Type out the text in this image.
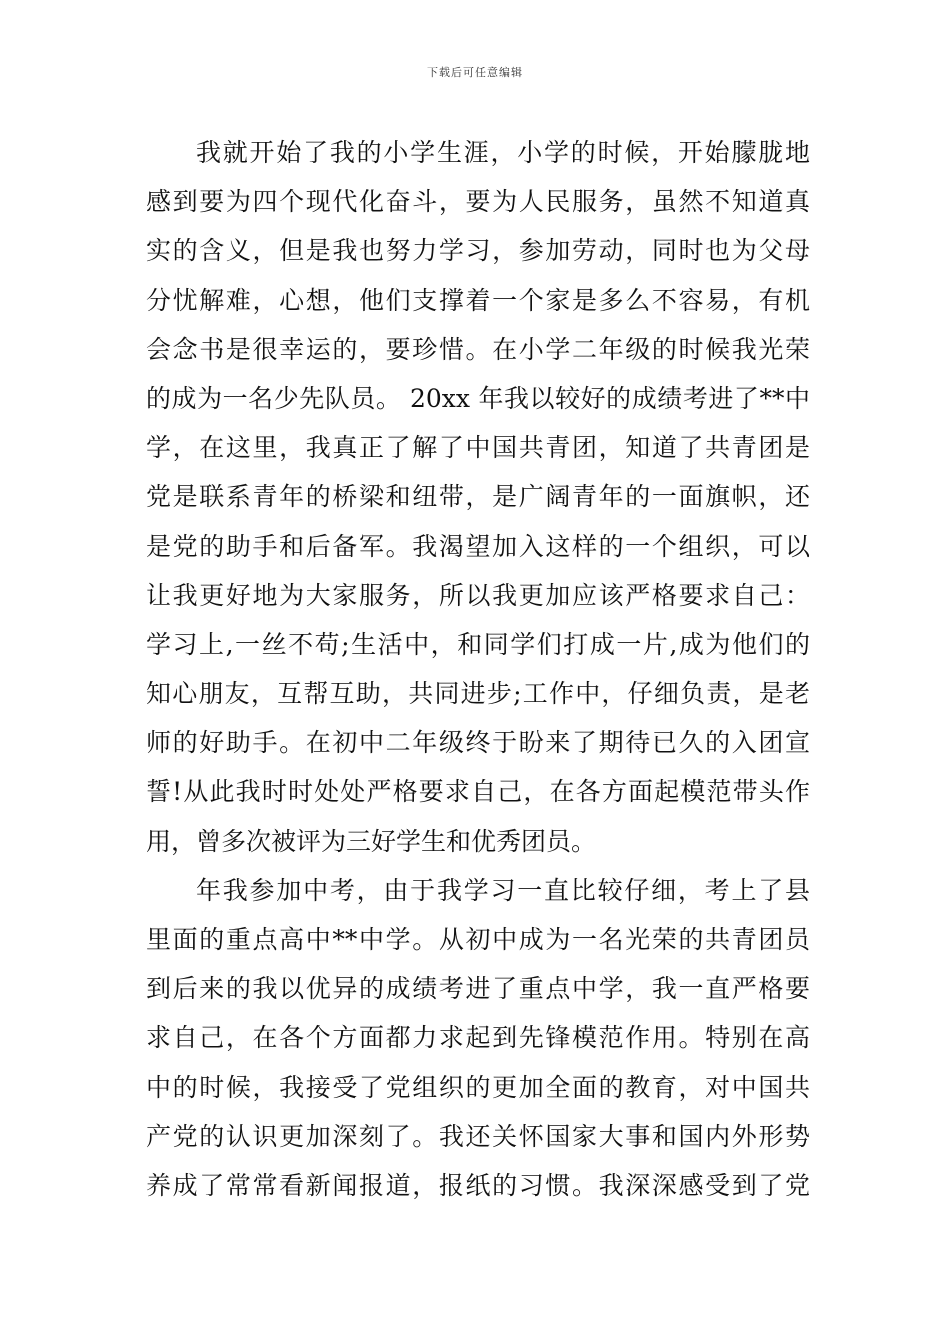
下载后可任意编辑
我就开始了我的小学生涯，小学的时候，开始朦胧地
感到要为四个现代化奋斗，要为人民服务，虽然不知道真
实的含义，但是我也努力学习，参加劳动，同时也为父母
分忧解难，心想，他们支撑着一个家是多么不容易，有机
会念书是很幸运的，要珍惜。在小学二年级的时候我光荣
的成为一名少先队员。 20xx 年我以较好的成绩考进了**中
学，在这里，我真正了解了中国共青团，知道了共青团是
党是联系青年的桥梁和纽带，是广阔青年的一面旗帜，还
是党的助手和后备军。我渴望加入这样的一个组织，可以
让我更好地为大家服务，所以我更加应该严格要求自己：
学习上,一丝不苟;生活中，和同学们打成一片,成为他们的
知心朋友，互帮互助，共同进步;工作中，仔细负责，是老
师的好助手。在初中二年级终于盼来了期待已久的入团宣
誓!从此我时时处处严格要求自己，在各方面起模范带头作
用，曾多次被评为三好学生和优秀团员。
年我参加中考，由于我学习一直比较仔细，考上了县
里面的重点高中**中学。从初中成为一名光荣的共青团员
到后来的我以优异的成绩考进了重点中学，我一直严格要
求自己，在各个方面都力求起到先锋模范作用。特别在高
中的时候，我接受了党组织的更加全面的教育，对中国共
产党的认识更加深刻了。我还关怀国家大事和国内外形势
养成了常常看新闻报道，报纸的习惯。我深深感受到了党
